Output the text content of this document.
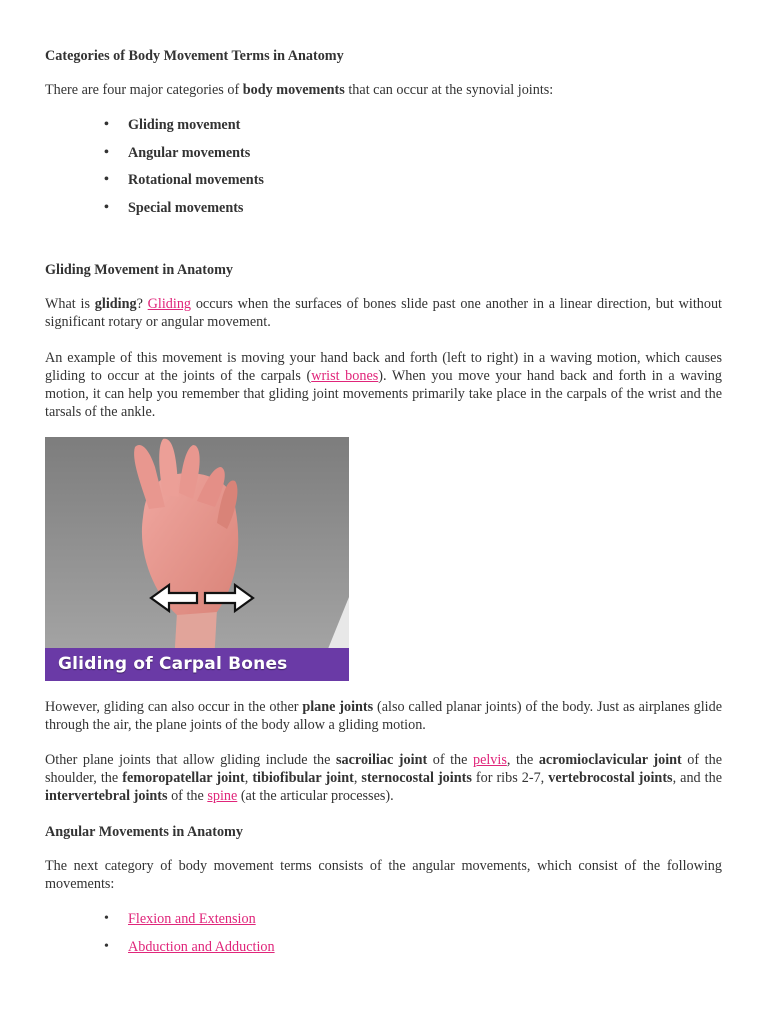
Categories of Body Movement Terms in Anatomy

There are four major categories of body movements that can occur at the synovial joints:

• Gliding movement
• Angular movements
• Rotational movements
• Special movements

Gliding Movement in Anatomy

What is gliding? Gliding occurs when the surfaces of bones slide past one another in a linear direction, but without significant rotary or angular movement.

An example of this movement is moving your hand back and forth (left to right) in a waving motion, which causes gliding to occur at the joints of the carpals (wrist bones). When you move your hand back and forth in a waving motion, it can help you remember that gliding joint movements primarily take place in the carpals of the wrist and the tarsals of the ankle.

Gliding of Carpal Bones

However, gliding can also occur in the other plane joints (also called planar joints) of the body. Just as airplanes glide through the air, the plane joints of the body allow a gliding motion.

Other plane joints that allow gliding include the sacroiliac joint of the pelvis, the acromioclavicular joint of the shoulder, the femoropatellar joint, tibiofibular joint, sternocostal joints for ribs 2-7, vertebrocostal joints, and the intervertebral joints of the spine (at the articular processes).

Angular Movements in Anatomy

The next category of body movement terms consists of the angular movements, which consist of the following movements:

• Flexion and Extension
• Abduction and Adduction
